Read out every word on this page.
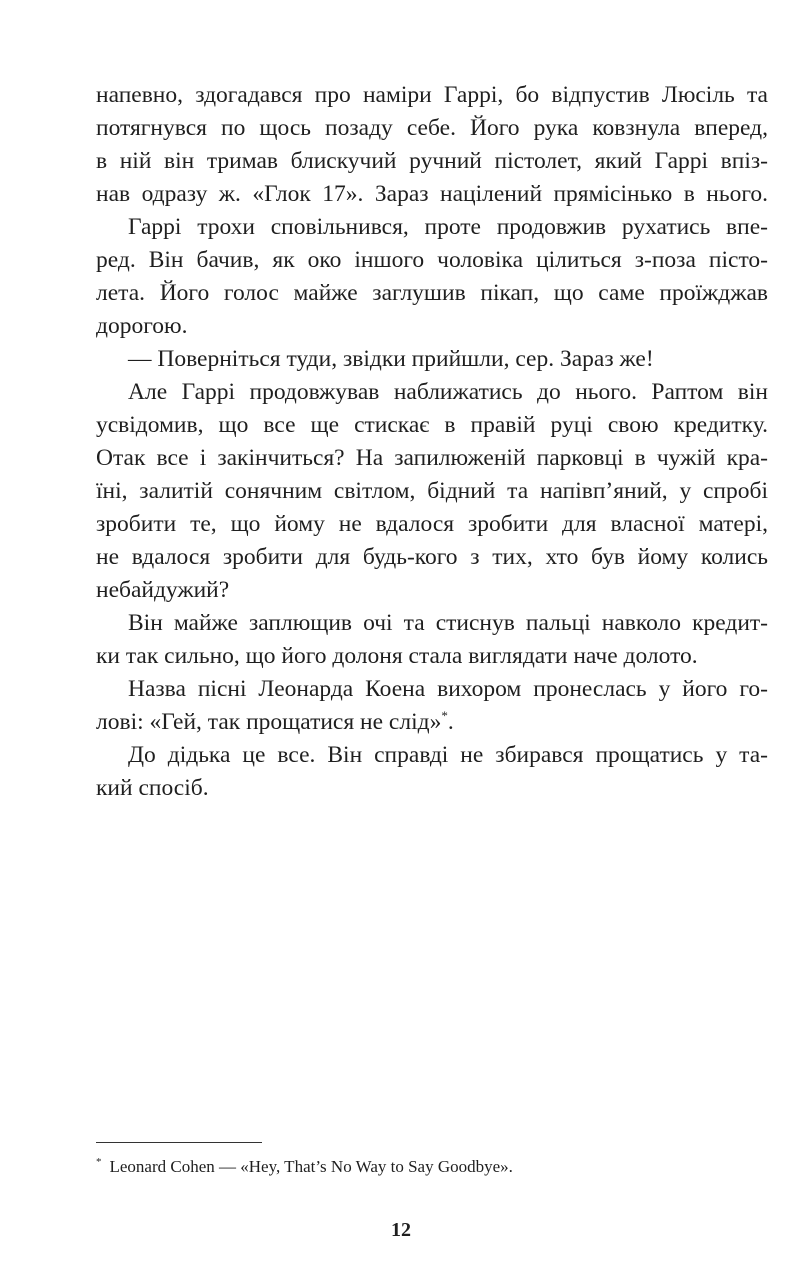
напевно, здогадався про наміри Гаррі, бо відпустив Люсіль та

потягнувся по щось позаду себе. Його рука ковзнула вперед,

в ній він тримав блискучий ручний пістолет, який Гаррі впіз-

нав одразу ж. «Глок 17». Зараз націлений прямісінько в нього.

Гаррі трохи сповільнився, проте продовжив рухатись впе-

ред. Він бачив, як око іншого чоловіка цілиться з-поза пісто-

лета. Його голос майже заглушив пікап, що саме проїжджав

дорогою.

— Поверніться туди, звідки прийшли, сер. Зараз же!

Але Гаррі продовжував наближатись до нього. Раптом він

усвідомив, що все ще стискає в правій руці свою кредитку.

Отак все і закінчиться? На запилюженій парковці в чужій кра-

їні, залитій сонячним світлом, бідний та напівп’яний, у спробі

зробити те, що йому не вдалося зробити для власної матері,

не вдалося зробити для будь-кого з тих, хто був йому колись

небайдужий?

Він майже заплющив очі та стиснув пальці навколо кредит-

ки так сильно, що його долоня стала виглядати наче долото.

Назва пісні Леонарда Коена вихором пронеслась у його го-

лові: «Гей, так прощатися не слід»*.

До дідька це все. Він справді не збирався прощатись у та-

кий спосіб.

* Leonard Cohen — «Hey, That’s No Way to Say Goodbye».
12
